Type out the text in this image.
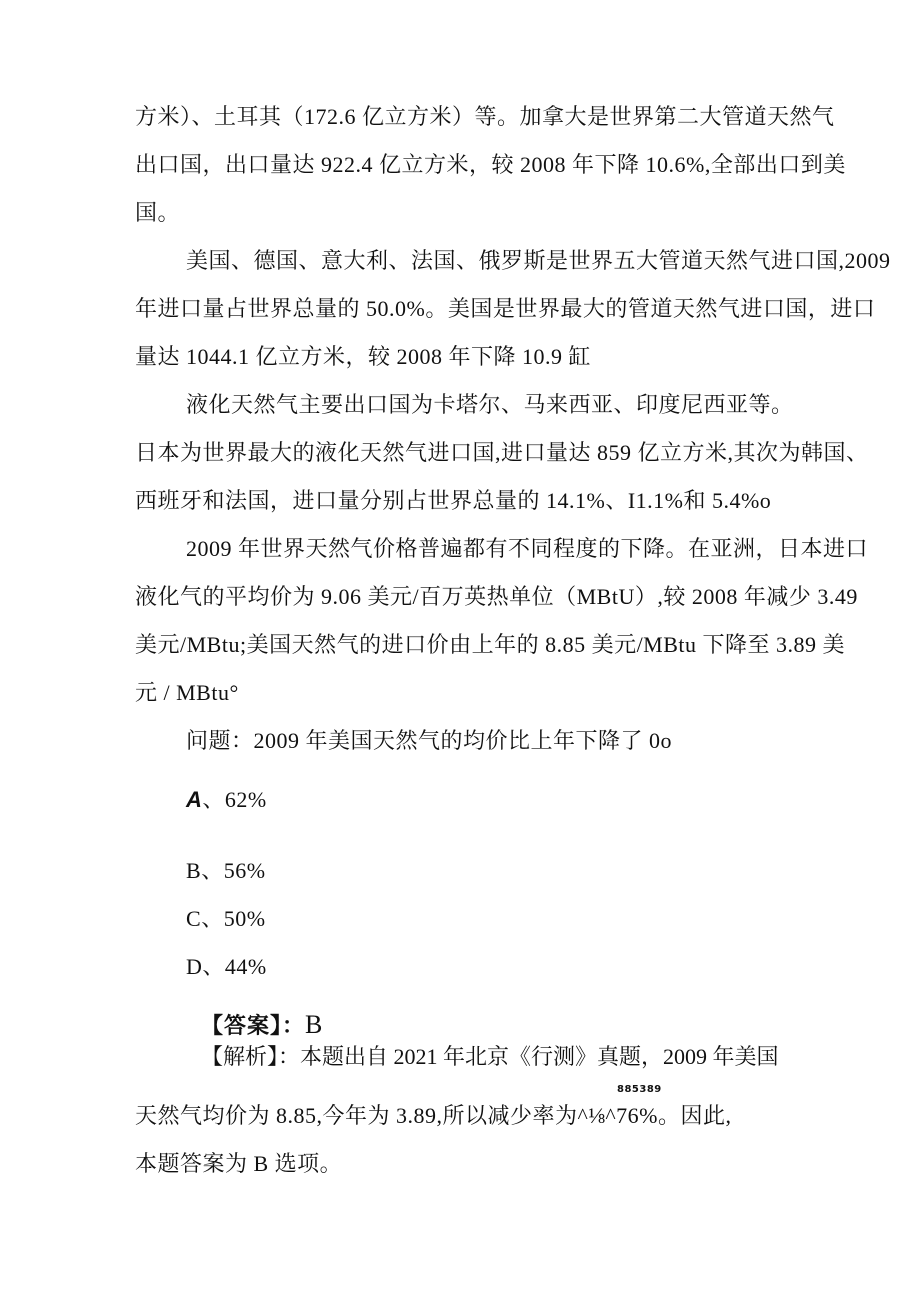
方米）、土耳其（172.6 亿立方米）等。加拿大是世界第二大管道天然气
出口国，出口量达 922.4 亿立方米，较 2008 年下降 10.6%,全部出口到美
国。
美国、德国、意大利、法国、俄罗斯是世界五大管道天然气进口国,2009
年进口量占世界总量的 50.0%。美国是世界最大的管道天然气进口国，进口
量达 1044.1 亿立方米，较 2008 年下降 10.9 缸
液化天然气主要出口国为卡塔尔、马来西亚、印度尼西亚等。
日本为世界最大的液化天然气进口国,进口量达 859 亿立方米,其次为韩国、
西班牙和法国，进口量分别占世界总量的 14.1%、I1.1%和 5.4%o
2009 年世界天然气价格普遍都有不同程度的下降。在亚洲，日本进口
液化气的平均价为 9.06 美元/百万英热单位（MBtU）,较 2008 年减少 3.49
美元/MBtu;美国天然气的进口价由上年的 8.85 美元/MBtu 下降至 3.89 美
元 / MBtu°
问题：2009 年美国天然气的均价比上年下降了 0o
A、62%
B、56%
C、50%
D、44%
【答案】：B
【解析】：本题出自 2021 年北京《行测》真题，2009 年美国
天然气均价为 8.85,今年为 3.89,所以减少率为^⅛^76%。因此,
本题答案为 B 选项。
885389
